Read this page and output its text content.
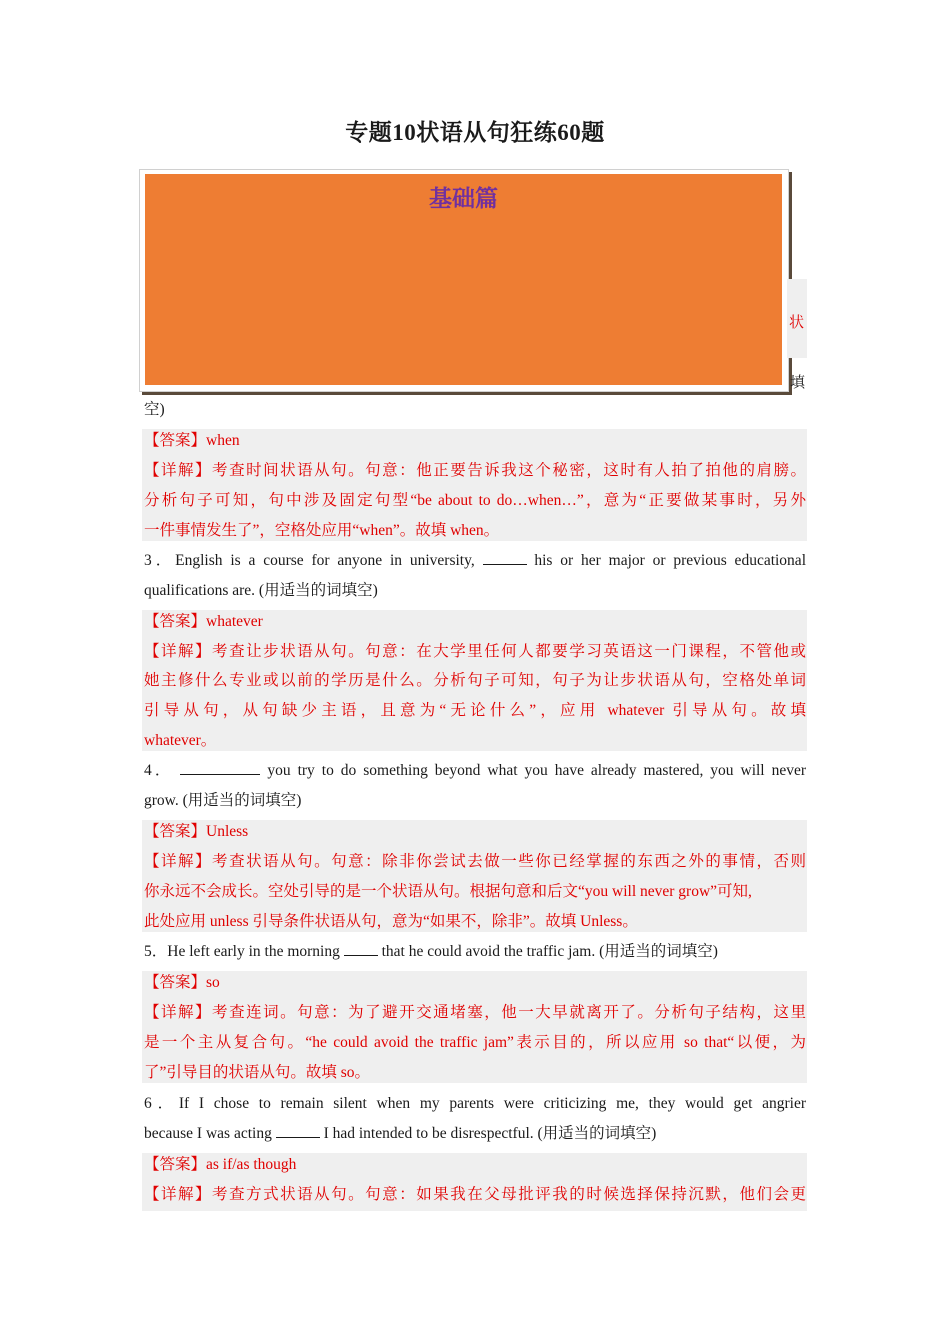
专题10状语从句狂练60题
基础篇
状
填
空)
【答案】when
【详解】考查时间状语从句。句意：他正要告诉我这个秘密，这时有人拍了拍他的肩膀。
分析句子可知，句中涉及固定句型“be about to do…when…”，意为“正要做某事时，另外
一件事情发生了”，空格处应用“when”。故填 when。
3．English is a course for anyone in university,	his or her major or previous educational
qualifications are. (用适当的词填空)
【答案】whatever
【详解】考查让步状语从句。句意：在大学里任何人都要学习英语这一门课程，不管他或
她主修什么专业或以前的学历是什么。分析句子可知，句子为让步状语从句，空格处单词
引导从句，从句缺少主语，且意为“无论什么”，应用 whatever 引导从句。故填
whatever。
4．	you try to do something beyond what you have already mastered, you will never
grow. (用适当的词填空)
【答案】Unless
【详解】考查状语从句。句意：除非你尝试去做一些你已经掌握的东西之外的事情，否则
你永远不会成长。空处引导的是一个状语从句。根据句意和后文“you will never grow”可知,
此处应用 unless 引导条件状语从句，意为“如果不，除非”。故填 Unless。
5．He left early in the morning	that he could avoid the traffic jam. (用适当的词填空)
【答案】so
【详解】考查连词。句意：为了避开交通堵塞，他一大早就离开了。分析句子结构，这里
是一个主从复合句。“he could avoid the traffic jam”表示目的，所以应用 so that“以便，为
了”引导目的状语从句。故填 so。
6．If I chose to remain silent when my parents were criticizing me, they would get angrier
because I was acting	I had intended to be disrespectful. (用适当的词填空)
【答案】as if/as though
【详解】考查方式状语从句。句意：如果我在父母批评我的时候选择保持沉默，他们会更
